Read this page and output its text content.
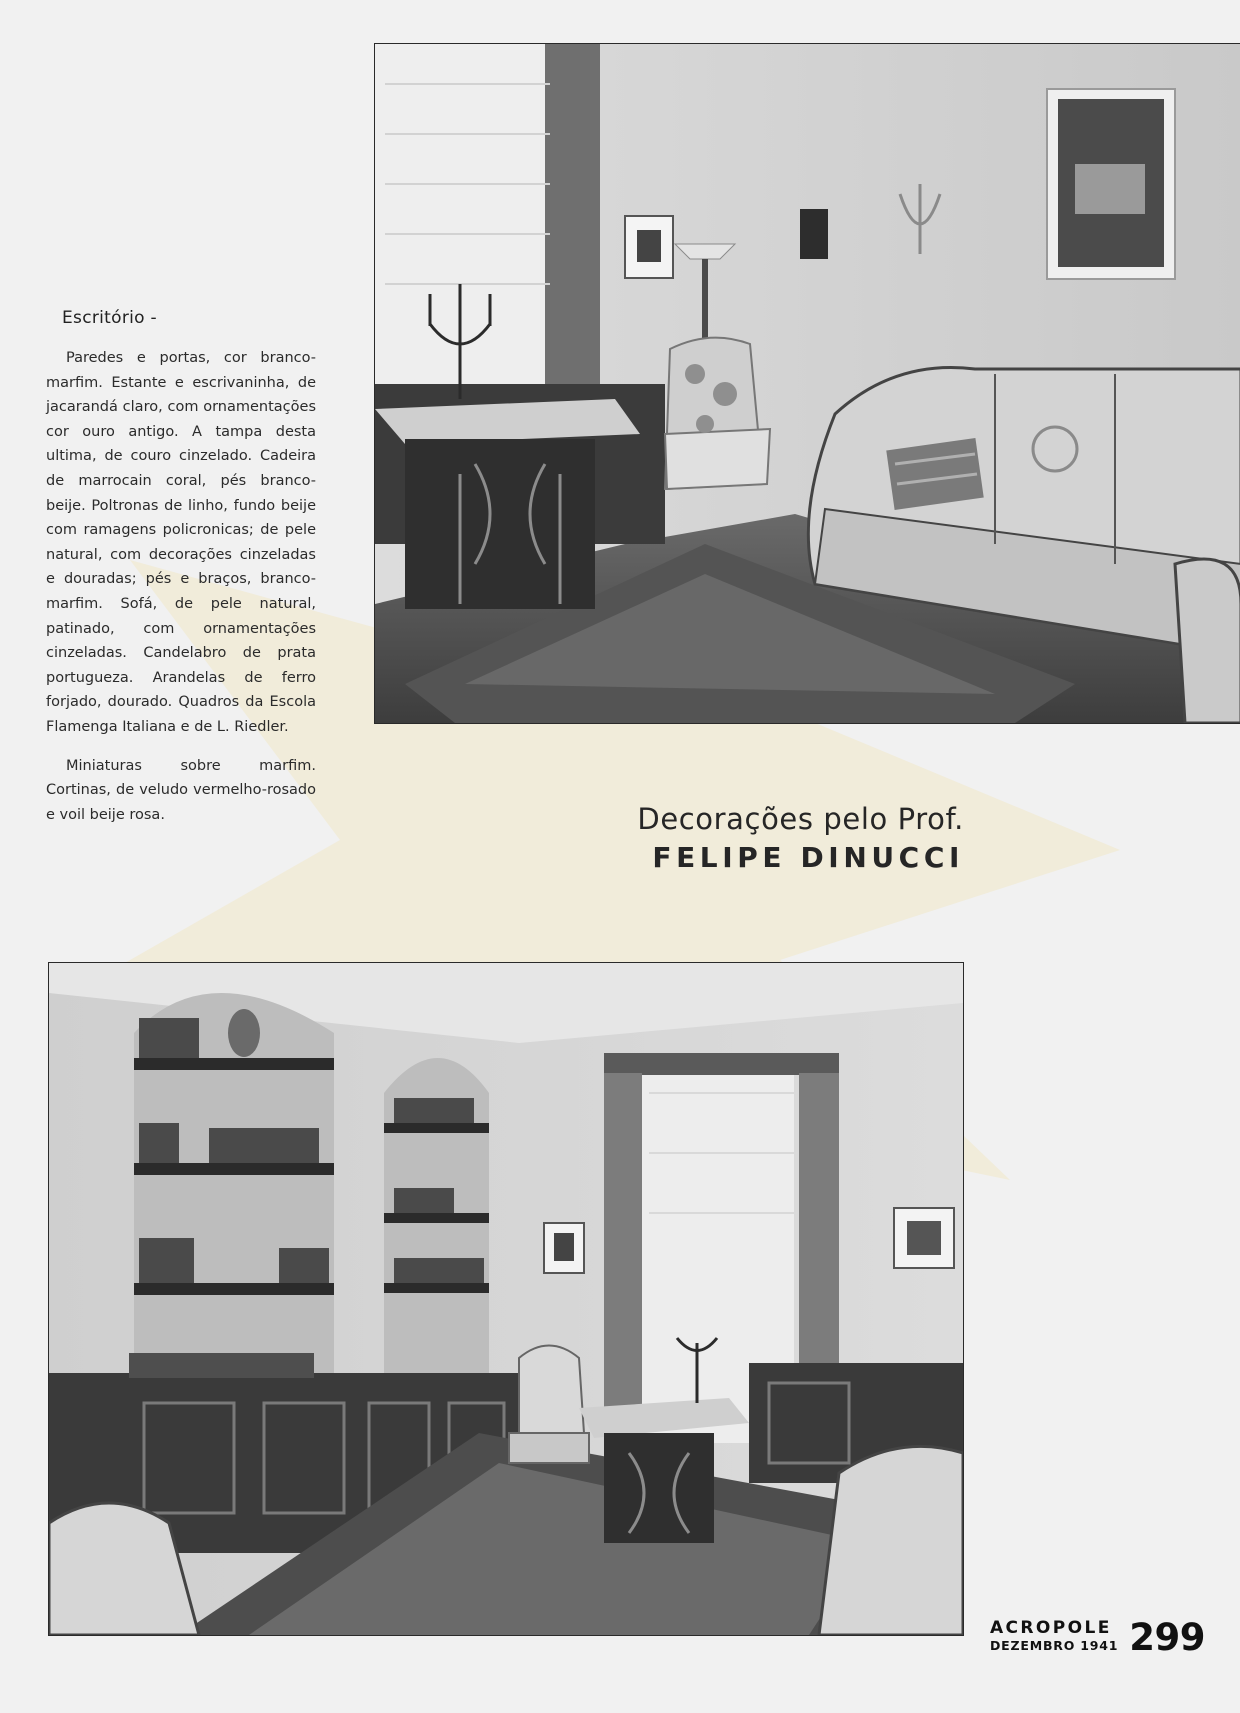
Escritório -

Paredes e portas, cor branco-marfim. Estante e escrivaninha, de jacarandá claro, com ornamentações cor ouro antigo. A tampa desta ultima, de couro cinzelado. Cadeira de marrocain coral, pés branco-beije. Poltronas de linho, fundo beije com ramagens policronicas; de pele natural, com decorações cinzeladas e douradas; pés e braços, branco-marfim. Sofá, de pele natural, patinado, com ornamentações cinzeladas. Candelabro de prata portugueza. Arandelas de ferro forjado, dourado. Quadros da Escola Flamenga Italiana e de L. Riedler.

Miniaturas sobre marfim. Cortinas, de veludo vermelho-rosado e voil beije rosa.	Decorações pelo Prof.
FELIPE DINUCCI
ACROPOLE
DEZEMBRO 1941 299
